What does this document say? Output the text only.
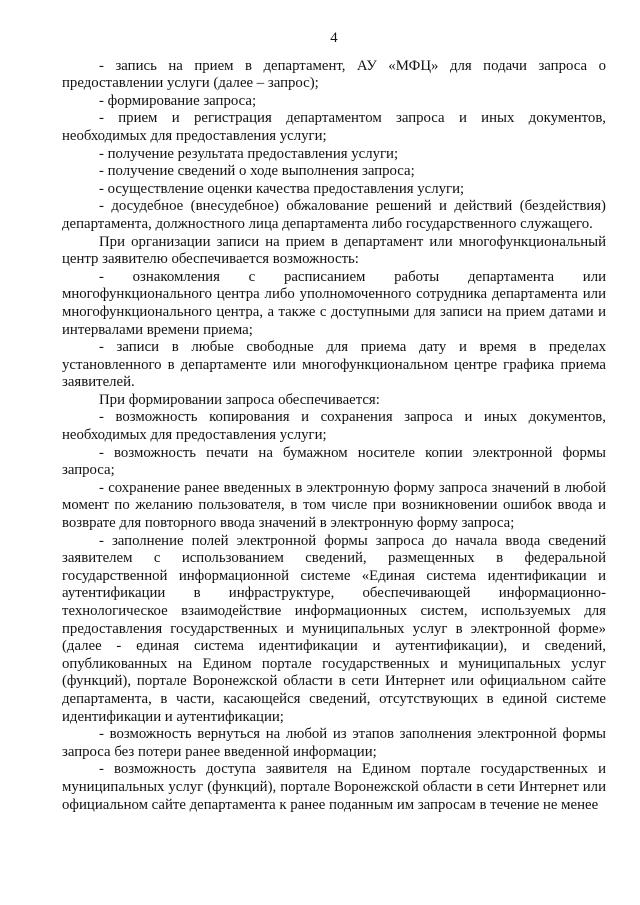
4

- запись на прием в департамент, АУ «МФЦ» для подачи запроса о предоставлении услуги (далее – запрос);

- формирование запроса;

- прием и регистрация департаментом запроса и иных документов, необходимых для предоставления услуги;

- получение результата предоставления услуги;

- получение сведений о ходе выполнения запроса;

- осуществление оценки качества предоставления услуги;

- досудебное (внесудебное) обжалование решений и действий (бездействия) департамента, должностного лица департамента либо государственного служащего.

При организации записи на прием в департамент или многофункциональный центр заявителю обеспечивается возможность:

- ознакомления с расписанием работы департамента или многофункционального центра либо уполномоченного сотрудника департамента или многофункционального центра, а также с доступными для записи на прием датами и интервалами времени приема;

- записи в любые свободные для приема дату и время в пределах установленного в департаменте или многофункциональном центре графика приема заявителей.

При формировании запроса обеспечивается:

- возможность копирования и сохранения запроса и иных документов, необходимых для предоставления услуги;

- возможность печати на бумажном носителе копии электронной формы запроса;

- сохранение ранее введенных в электронную форму запроса значений в любой момент по желанию пользователя, в том числе при возникновении ошибок ввода и возврате для повторного ввода значений в электронную форму запроса;

- заполнение полей электронной формы запроса до начала ввода сведений заявителем с использованием сведений, размещенных в федеральной государственной информационной системе «Единая система идентификации и аутентификации в инфраструктуре, обеспечивающей информационно-технологическое взаимодействие информационных систем, используемых для предоставления государственных и муниципальных услуг в электронной форме» (далее - единая система идентификации и аутентификации), и сведений, опубликованных на Едином портале государственных и муниципальных услуг (функций), портале Воронежской области в сети Интернет или официальном сайте департамента, в части, касающейся сведений, отсутствующих в единой системе идентификации и аутентификации;

- возможность вернуться на любой из этапов заполнения электронной формы запроса без потери ранее введенной информации;

- возможность доступа заявителя на Едином портале государственных и муниципальных услуг (функций), портале Воронежской области в сети Интернет или официальном сайте департамента к ранее поданным им запросам в течение не менее
